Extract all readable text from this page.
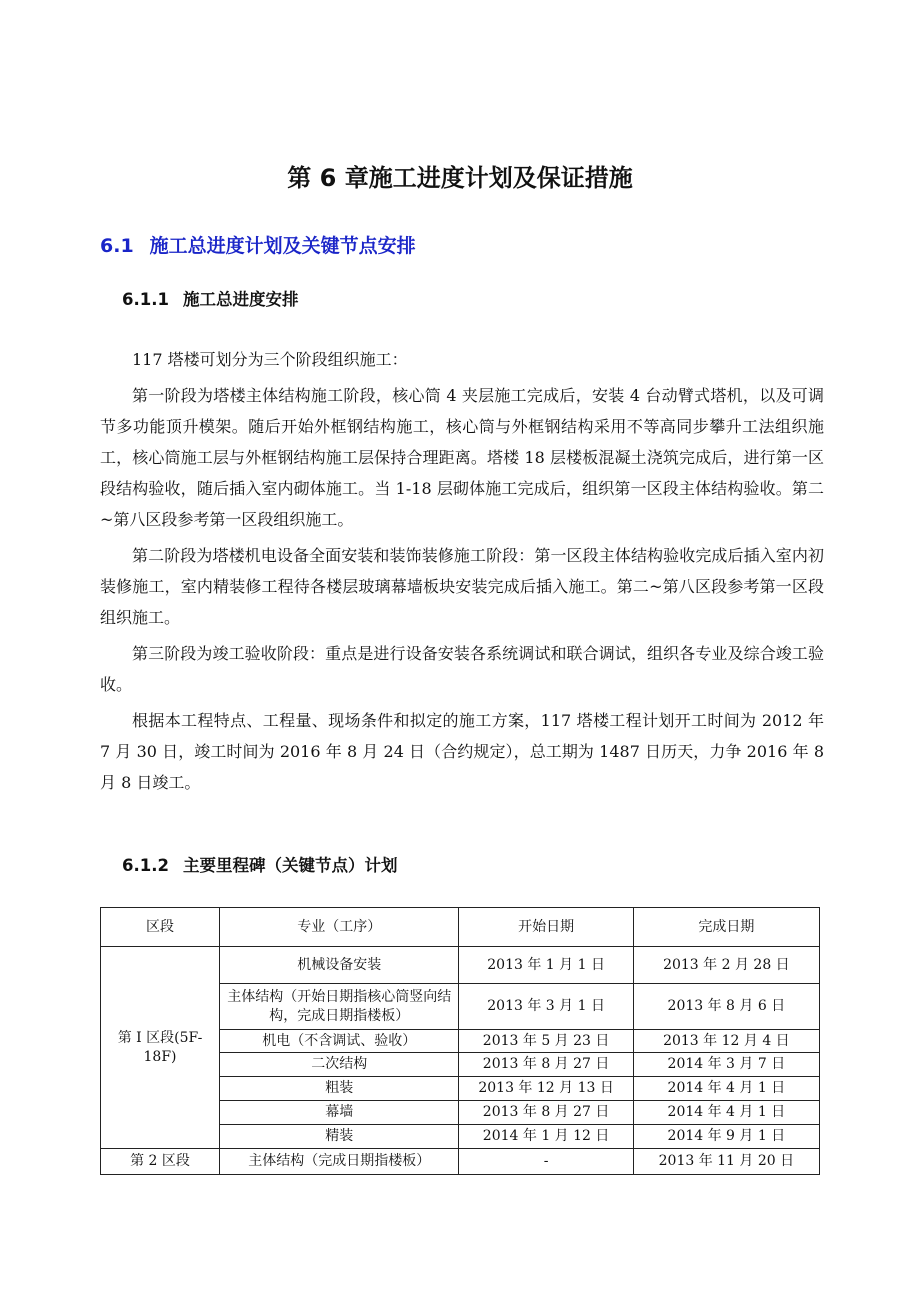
第 6 章施工进度计划及保证措施
6.1 施工总进度计划及关键节点安排
6.1.1 施工总进度安排

117 塔楼可划分为三个阶段组织施工：

第一阶段为塔楼主体结构施工阶段，核心筒 4 夹层施工完成后，安装 4 台动臂式塔机，以及可调节多功能顶升模架。随后开始外框钢结构施工，核心筒与外框钢结构采用不等高同步攀升工法组织施工，核心筒施工层与外框钢结构施工层保持合理距离。塔楼 18 层楼板混凝土浇筑完成后，进行第一区段结构验收，随后插入室内砌体施工。当 1-18 层砌体施工完成后，组织第一区段主体结构验收。第二~第八区段参考第一区段组织施工。

第二阶段为塔楼机电设备全面安装和装饰装修施工阶段：第一区段主体结构验收完成后插入室内初装修施工，室内精装修工程待各楼层玻璃幕墙板块安装完成后插入施工。第二~第八区段参考第一区段组织施工。

第三阶段为竣工验收阶段：重点是进行设备安装各系统调试和联合调试，组织各专业及综合竣工验收。

根据本工程特点、工程量、现场条件和拟定的施工方案，117 塔楼工程计划开工时间为 2012 年 7 月 30 日，竣工时间为 2016 年 8 月 24 日（合约规定），总工期为 1487 日历天，力争 2016 年 8 月 8 日竣工。

6.1.2 主要里程碑（关键节点）计划
区段	专业（工序）	开始日期	完成日期
第 I 区段(5F-18F)	机械设备安装	2013 年 1 月 1 日	2013 年 2 月 28 日
	主体结构（开始日期指核心筒竖向结构，完成日期指楼板）	2013 年 3 月 1 日	2013 年 8 月 6 日
	机电（不含调试、验收）	2013 年 5 月 23 日	2013 年 12 月 4 日
	二次结构	2013 年 8 月 27 日	2014 年 3 月 7 日
	粗装	2013 年 12 月 13 日	2014 年 4 月 1 日
	幕墙	2013 年 8 月 27 日	2014 年 4 月 1 日
	精装	2014 年 1 月 12 日	2014 年 9 月 1 日
第 2 区段	主体结构（完成日期指楼板）	-	2013 年 11 月 20 日
